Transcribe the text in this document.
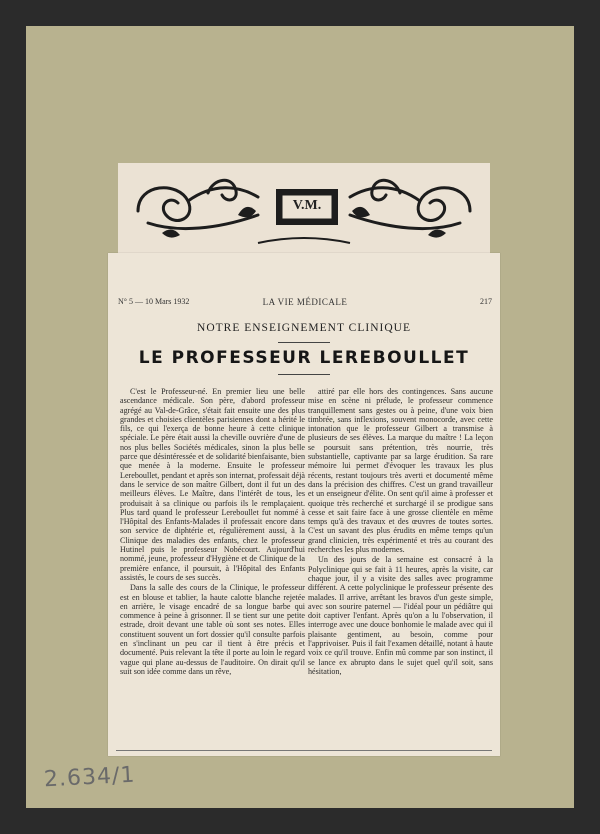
V.M.
N° 5 — 10 Mars 1932	LA VIE MÉDICALE	217
NOTRE ENSEIGNEMENT CLINIQUE
LE PROFESSEUR LEREBOULLET

C'est le Professeur-né. En premier lieu une belle ascendance médicale. Son père, d'abord professeur agrégé au Val-de-Grâce, s'était fait ensuite une des plus grandes et choisies clientèles parisiennes dont a hérité le fils, ce qui l'exerça de bonne heure à cette clinique spéciale. Le père était aussi la cheville ouvrière d'une de nos plus belles Sociétés médicales, sinon la plus belle parce que désintéressée et de solidarité bienfaisante, bien que menée à la moderne. Ensuite le professeur Lereboullet, pendant et après son internat, professait déjà dans le service de son maître Gilbert, dont il fut un des meilleurs élèves. Le Maître, dans l'intérêt de tous, les produisait à sa clinique ou parfois ils le remplaçaient. Plus tard quand le professeur Lereboullet fut nommé à l'Hôpital des Enfants-Malades il professait encore dans son service de diphtérie et, régulièrement aussi, à la Clinique des maladies des enfants, chez le professeur Hutinel puis le professeur Nobécourt. Aujourd'hui nommé, jeune, professeur d'Hygiène et de Clinique de la première enfance, il poursuit, à l'Hôpital des Enfants assistés, le cours de ses succès.

Dans la salle des cours de la Clinique, le professeur est en blouse et tablier, la haute calotte blanche rejetée en arrière, le visage encadré de sa longue barbe qui commence à peine à grisonner. Il se tient sur une petite estrade, droit devant une table où sont ses notes. Elles constituent souvent un fort dossier qu'il consulte parfois en s'inclinant un peu car il tient à être précis et documenté. Puis relevant la tête il porte au loin le regard vague qui plane au-dessus de l'auditoire. On dirait qu'il suit son idée comme dans un rêve,

attiré par elle hors des contingences. Sans aucune mise en scène ni prélude, le professeur commence tranquillement sans gestes ou à peine, d'une voix bien timbrée, sans inflexions, souvent monocorde, avec cette intonation que le professeur Gilbert a transmise à plusieurs de ses élèves. La marque du maître ! La leçon se poursuit sans prétention, très nourrie, très substantielle, captivante par sa large érudition. Sa rare mémoire lui permet d'évoquer les travaux les plus récents, restant toujours très averti et documenté même dans la précision des chiffres. C'est un grand travailleur et un enseigneur d'élite. On sent qu'il aime à professer et quoique très recherché et surchargé il se prodigue sans cesse et sait faire face à une grosse clientèle en même temps qu'à des travaux et des œuvres de toutes sortes. C'est un savant des plus érudits en même temps qu'un grand clinicien, très expérimenté et très au courant des recherches les plus modernes.

Un des jours de la semaine est consacré à la Polyclinique qui se fait à 11 heures, après la visite, car chaque jour, il y a visite des salles avec programme différent. A cette polyclinique le professeur présente des malades. Il arrive, arrêtant les bravos d'un geste simple, avec son sourire paternel — l'idéal pour un pédiâtre qui doit captiver l'enfant. Après qu'on a lu l'observation, il interroge avec une douce bonhomie le malade avec qui il plaisante gentiment, au besoin, comme pour l'apprivoiser. Puis il fait l'examen détaillé, notant à haute voix ce qu'il trouve. Enfin mû comme par son instinct, il se lance ex abrupto dans le sujet quel qu'il soit, sans hésitation,

2.634/1
